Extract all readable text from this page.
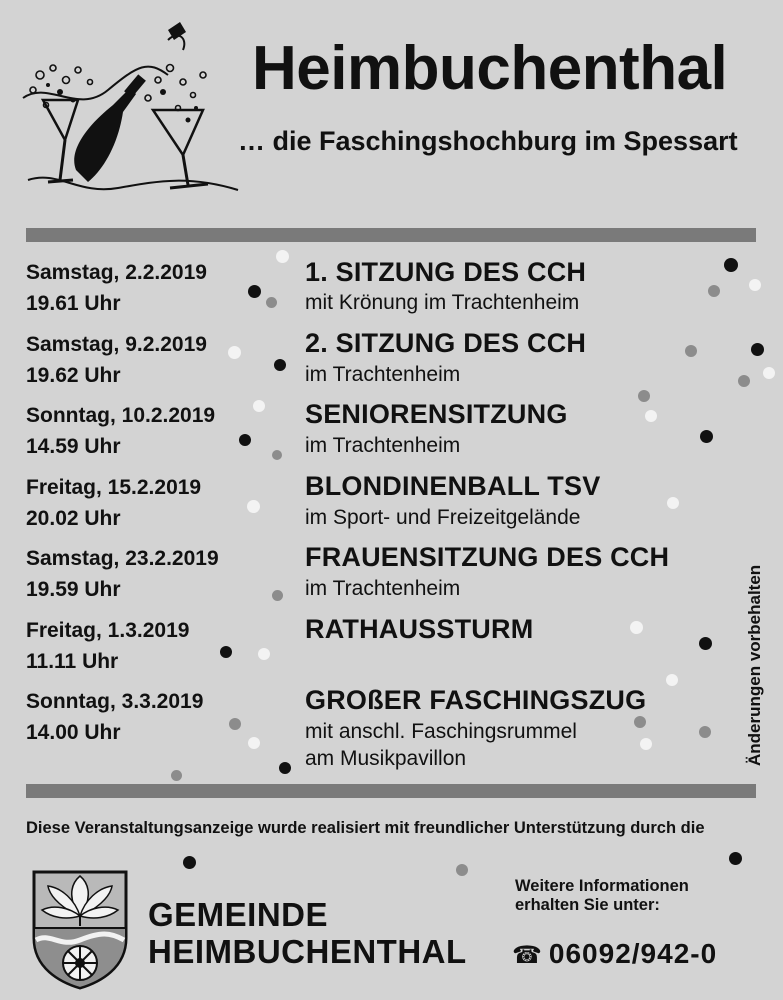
Heimbuchenthal
… die Faschingshochburg im Spessart
Samstag, 2.2.2019
19.61 Uhr
1. SITZUNG DES CCH
mit Krönung im Trachtenheim
Samstag, 9.2.2019
19.62 Uhr
2. SITZUNG DES CCH
im Trachtenheim
Sonntag, 10.2.2019
14.59 Uhr
SENIORENSITZUNG
im Trachtenheim
Freitag, 15.2.2019
20.02 Uhr
BLONDINENBALL TSV
im Sport- und Freizeitgelände
Samstag, 23.2.2019
19.59 Uhr
FRAUENSITZUNG DES CCH
im Trachtenheim
Freitag, 1.3.2019
11.11 Uhr
RATHAUSSTURM
Sonntag, 3.3.2019
14.00 Uhr
GROßER FASCHINGSZUG
mit anschl. Faschingsrummel
am Musikpavillon	Änderungen vorbehalten
Diese Veranstaltungsanzeige wurde realisiert mit freundlicher Unterstützung durch die
GEMEINDE
HEIMBUCHENTHAL
Weitere Informationen
erhalten Sie unter:
☎ 06092/942-0
